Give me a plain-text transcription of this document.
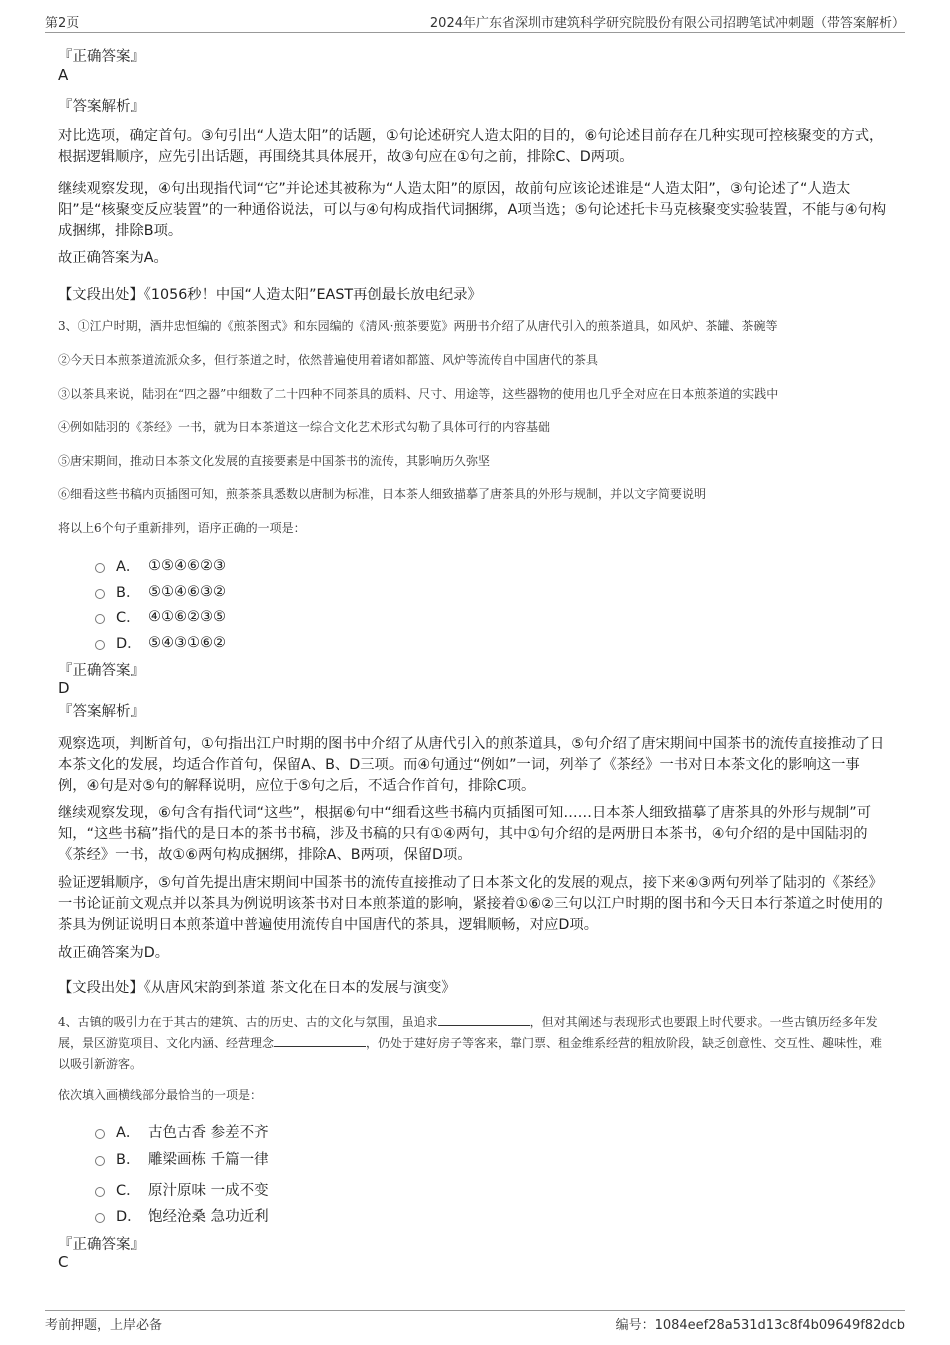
第2页	2024年广东省深圳市建筑科学研究院股份有限公司招聘笔试冲刺题（带答案解析）

『正确答案』

A

『答案解析』

对比选项，确定首句。③句引出“人造太阳”的话题，①句论述研究人造太阳的目的，⑥句论述目前存在几种实现可控核聚变的方式，根据逻辑顺序，应先引出话题，再围绕其具体展开，故③句应在①句之前，排除C、D两项。

继续观察发现，④句出现指代词“它”并论述其被称为“人造太阳”的原因，故前句应该论述谁是“人造太阳”，③句论述了“人造太阳”是“核聚变反应装置”的一种通俗说法，可以与④句构成指代词捆绑，A项当选；⑤句论述托卡马克核聚变实验装置，不能与④句构成捆绑，排除B项。

故正确答案为A。

【文段出处】《1056秒！中国“人造太阳”EAST再创最长放电纪录》

3、①江户时期，酒井忠恒编的《煎茶图式》和东园编的《清风·煎茶要览》两册书介绍了从唐代引入的煎茶道具，如风炉、茶罐、茶碗等

②今天日本煎茶道流派众多，但行茶道之时，依然普遍使用着诸如都篮、风炉等流传自中国唐代的茶具

③以茶具来说，陆羽在“四之器”中细数了二十四种不同茶具的质料、尺寸、用途等，这些器物的使用也几乎全对应在日本煎茶道的实践中

④例如陆羽的《茶经》一书，就为日本茶道这一综合文化艺术形式勾勒了具体可行的内容基础

⑤唐宋期间，推动日本茶文化发展的直接要素是中国茶书的流传，其影响历久弥坚

⑥细看这些书稿内页插图可知，煎茶茶具悉数以唐制为标准，日本茶人细致描摹了唐茶具的外形与规制，并以文字简要说明

将以上6个句子重新排列，语序正确的一项是：

A． ①⑤④⑥②③
B． ⑤①④⑥③②
C． ④①⑥②③⑤
D． ⑤④③①⑥②

『正确答案』

D

『答案解析』

观察选项，判断首句，①句指出江户时期的图书中介绍了从唐代引入的煎茶道具，⑤句介绍了唐宋期间中国茶书的流传直接推动了日本茶文化的发展，均适合作首句，保留A、B、D三项。而④句通过“例如”一词，列举了《茶经》一书对日本茶文化的影响这一事例，④句是对⑤句的解释说明，应位于⑤句之后，不适合作首句，排除C项。

继续观察发现，⑥句含有指代词“这些”，根据⑥句中“细看这些书稿内页插图可知……日本茶人细致描摹了唐茶具的外形与规制”可知，“这些书稿”指代的是日本的茶书书稿，涉及书稿的只有①④两句，其中①句介绍的是两册日本茶书，④句介绍的是中国陆羽的《茶经》一书，故①⑥两句构成捆绑，排除A、B两项，保留D项。

验证逻辑顺序，⑤句首先提出唐宋期间中国茶书的流传直接推动了日本茶文化的发展的观点，接下来④③两句列举了陆羽的《茶经》一书论证前文观点并以茶具为例说明该茶书对日本煎茶道的影响，紧接着①⑥②三句以江户时期的图书和今天日本行茶道之时使用的茶具为例证说明日本煎茶道中普遍使用流传自中国唐代的茶具，逻辑顺畅，对应D项。

故正确答案为D。

【文段出处】《从唐风宋韵到茶道 茶文化在日本的发展与演变》

4、古镇的吸引力在于其古的建筑、古的历史、古的文化与氛围，虽追求	，但对其阐述与表现形式也要跟上时代要求。一些古镇历经多年发展，景区游览项目、文化内涵、经营理念	，仍处于建好房子等客来，靠门票、租金维系经营的粗放阶段，缺乏创意性、交互性、趣味性，难以吸引新游客。

依次填入画横线部分最恰当的一项是：

A． 古色古香 参差不齐
B． 雕梁画栋 千篇一律
C． 原汁原味 一成不变
D． 饱经沧桑 急功近利

『正确答案』

C

考前押题，上岸必备	编号：1084eef28a531d13c8f4b09649f82dcb
